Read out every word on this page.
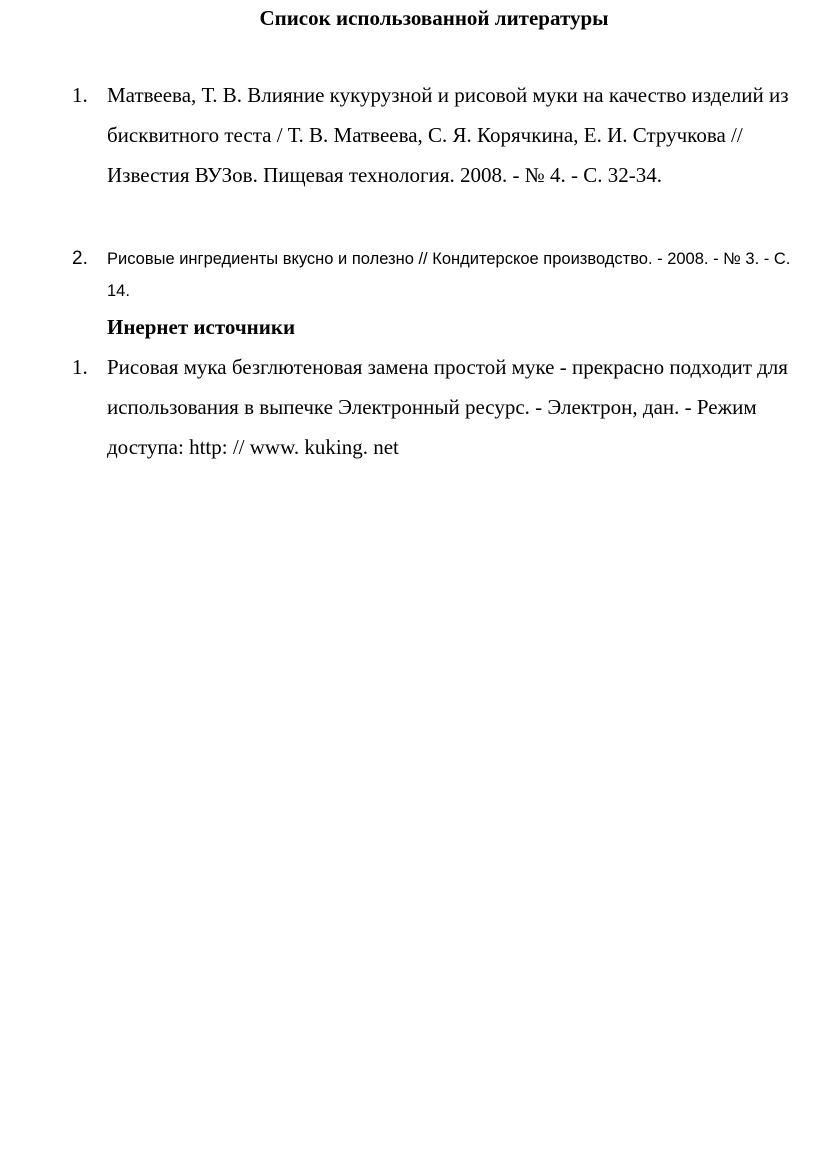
Список использованной литературы
1. Матвеева, Т. В. Влияние кукурузной и рисовой муки на качество изделий из бисквитного теста / Т. В. Матвеева, С. Я. Корячкина, Е. И. Стручкова // Известия ВУЗов. Пищевая технология. 2008. - № 4. - С. 32-34.
2. Рисовые ингредиенты вкусно и полезно // Кондитерское производство. - 2008. - № 3. - С. 14.
Инернет источники
1. Рисовая мука безглютеновая замена простой муке - прекрасно подходит для использования в выпечке Электронный ресурс. - Электрон, дан. - Режим доступа: http: // www. kuking. net
